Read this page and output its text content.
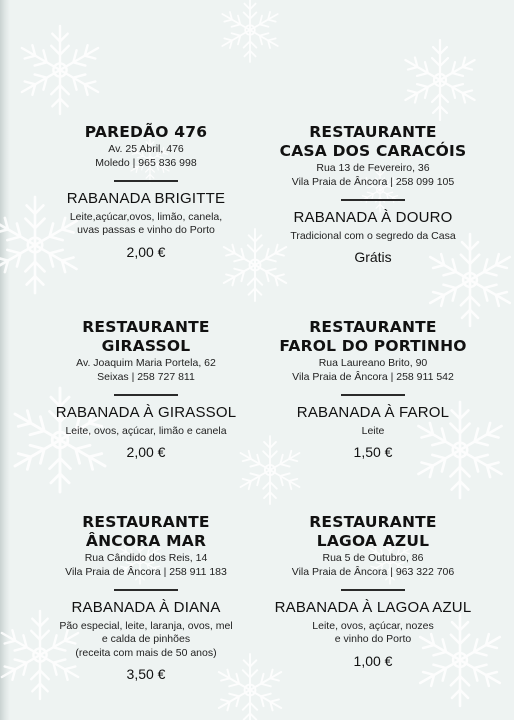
PAREDÃO 476
Av. 25 Abril, 476
Moledo | 965 836 998
RABANADA BRIGITTE
Leite,açúcar,ovos, limão, canela,
uvas passas e vinho do Porto
2,00 €
RESTAURANTE
CASA DOS CARACÓIS
Rua 13 de Fevereiro, 36
Vila Praia de Âncora | 258 099 105
RABANADA À DOURO
Tradicional com o segredo da Casa
Grátis
RESTAURANTE
GIRASSOL
Av. Joaquim Maria Portela, 62
Seixas | 258 727 811
RABANADA À GIRASSOL
Leite, ovos, açúcar, limão e canela
2,00 €
RESTAURANTE
FAROL DO PORTINHO
Rua Laureano Brito, 90
Vila Praia de Âncora | 258 911 542
RABANADA À FAROL
Leite
1,50 €
RESTAURANTE
ÂNCORA MAR
Rua Cândido dos Reis, 14
Vila Praia de Âncora | 258 911 183
RABANADA À DIANA
Pão especial, leite, laranja, ovos, mel
e calda de pinhões
(receita com mais de 50 anos)
3,50 €
RESTAURANTE
LAGOA AZUL
Rua 5 de Outubro, 86
Vila Praia de Âncora | 963 322 706
RABANADA À LAGOA AZUL
Leite, ovos, açúcar, nozes
e vinho do Porto
1,00 €
